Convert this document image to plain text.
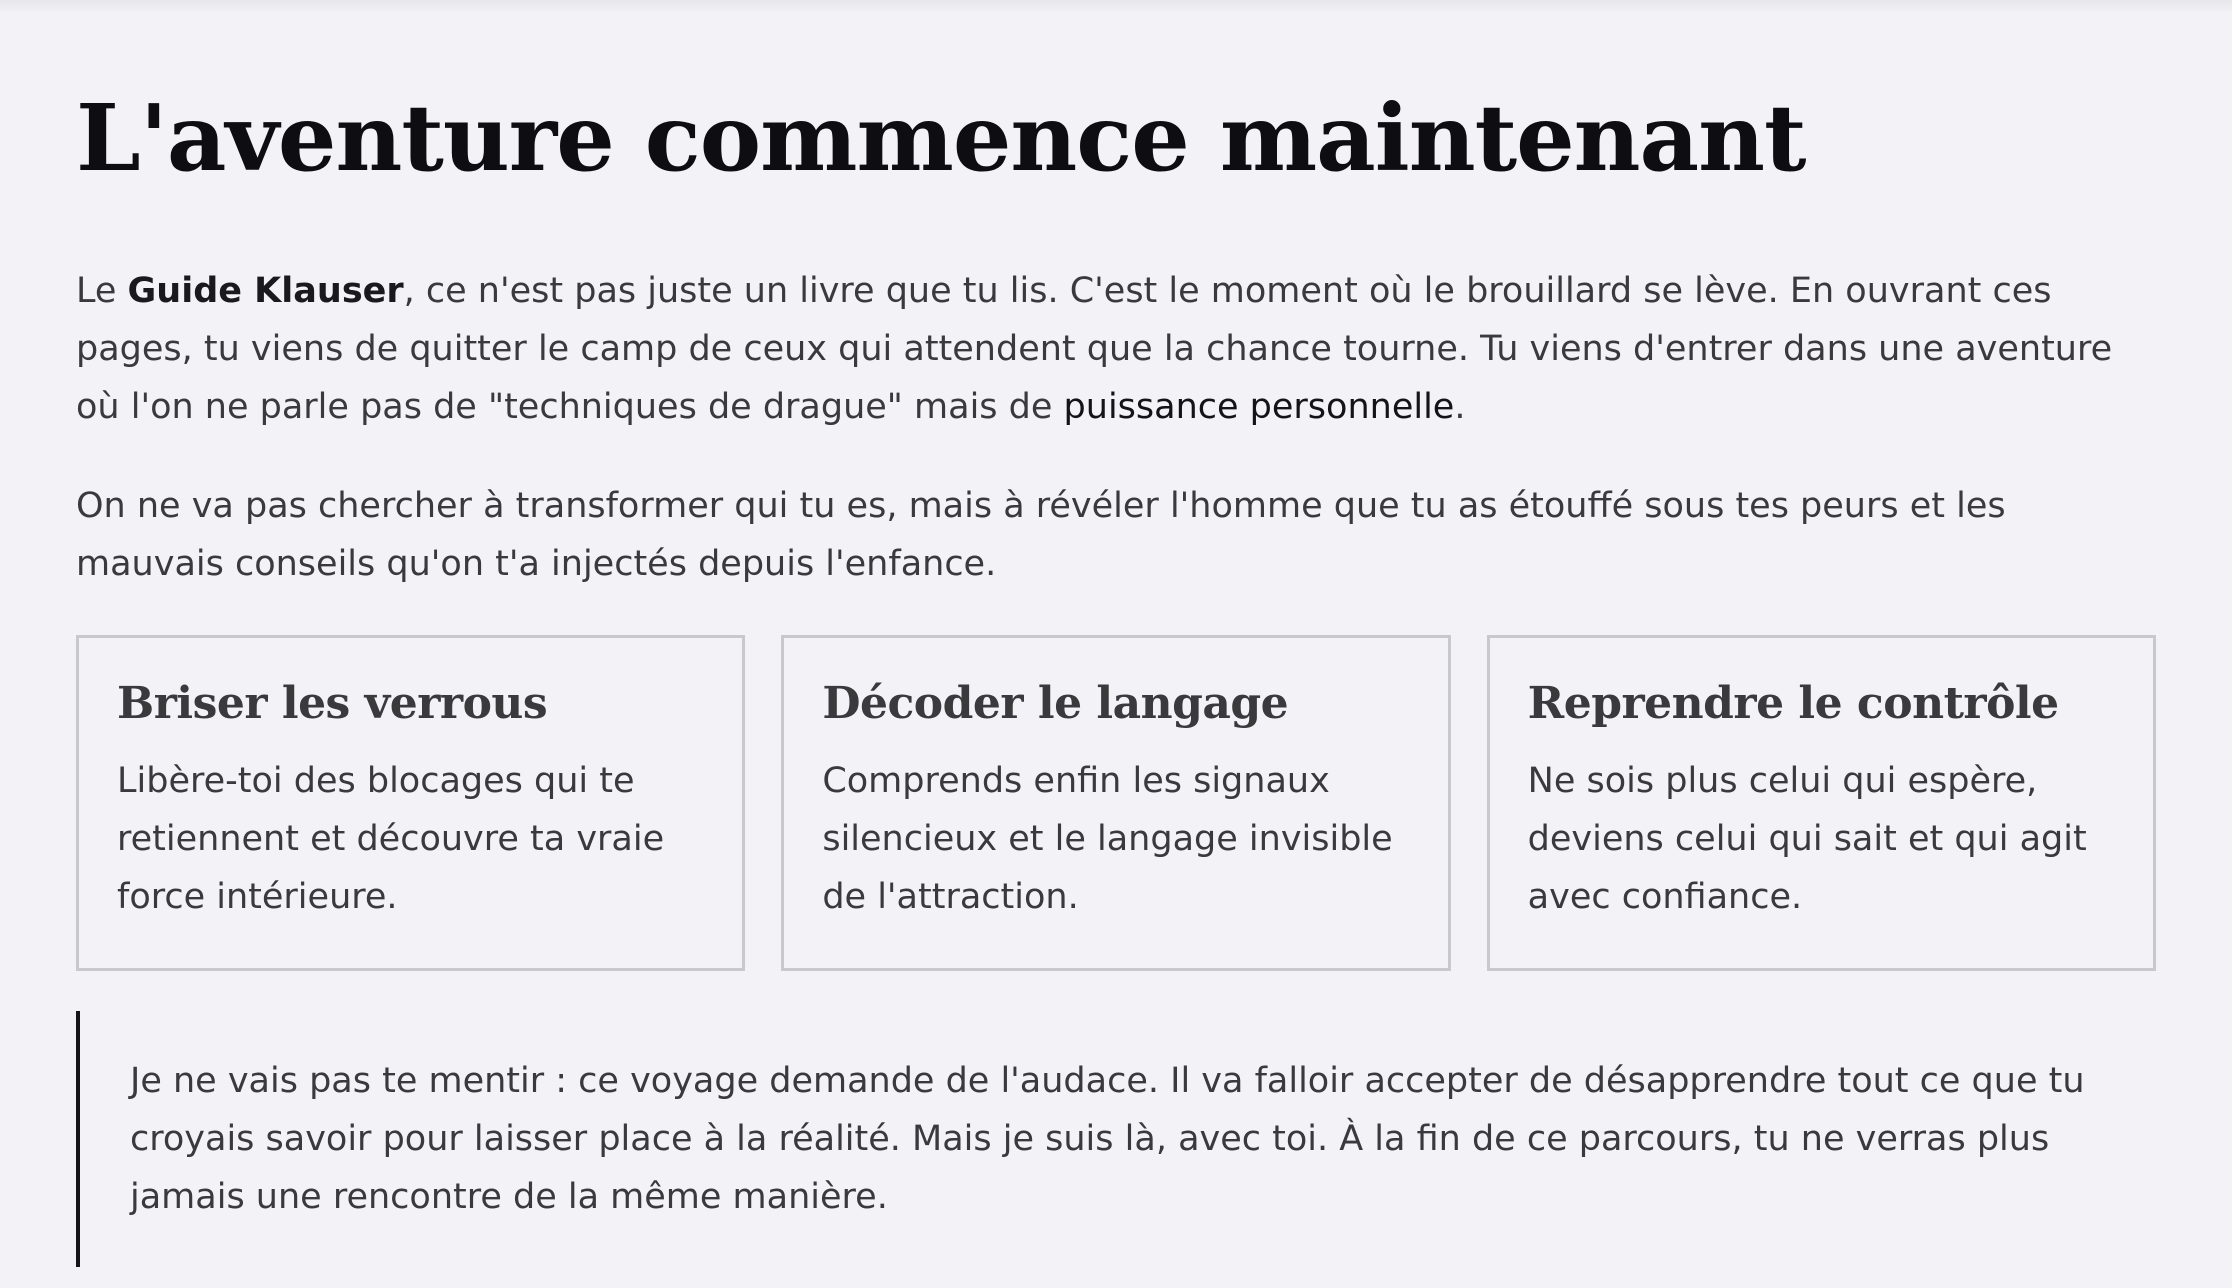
L'aventure commence maintenant

Le Guide Klauser, ce n'est pas juste un livre que tu lis. C'est le moment où le brouillard se lève. En ouvrant ces pages, tu viens de quitter le camp de ceux qui attendent que la chance tourne. Tu viens d'entrer dans une aventure où l'on ne parle pas de "techniques de drague" mais de puissance personnelle.

On ne va pas chercher à transformer qui tu es, mais à révéler l'homme que tu as étouffé sous tes peurs et les mauvais conseils qu'on t'a injectés depuis l'enfance.

Briser les verrous

Libère-toi des blocages qui te retiennent et découvre ta vraie force intérieure.

Décoder le langage

Comprends enfin les signaux silencieux et le langage invisible de l'attraction.

Reprendre le contrôle

Ne sois plus celui qui espère, deviens celui qui sait et qui agit avec confiance.

Je ne vais pas te mentir : ce voyage demande de l'audace. Il va falloir accepter de désapprendre tout ce que tu croyais savoir pour laisser place à la réalité. Mais je suis là, avec toi. À la fin de ce parcours, tu ne verras plus jamais une rencontre de la même manière.
